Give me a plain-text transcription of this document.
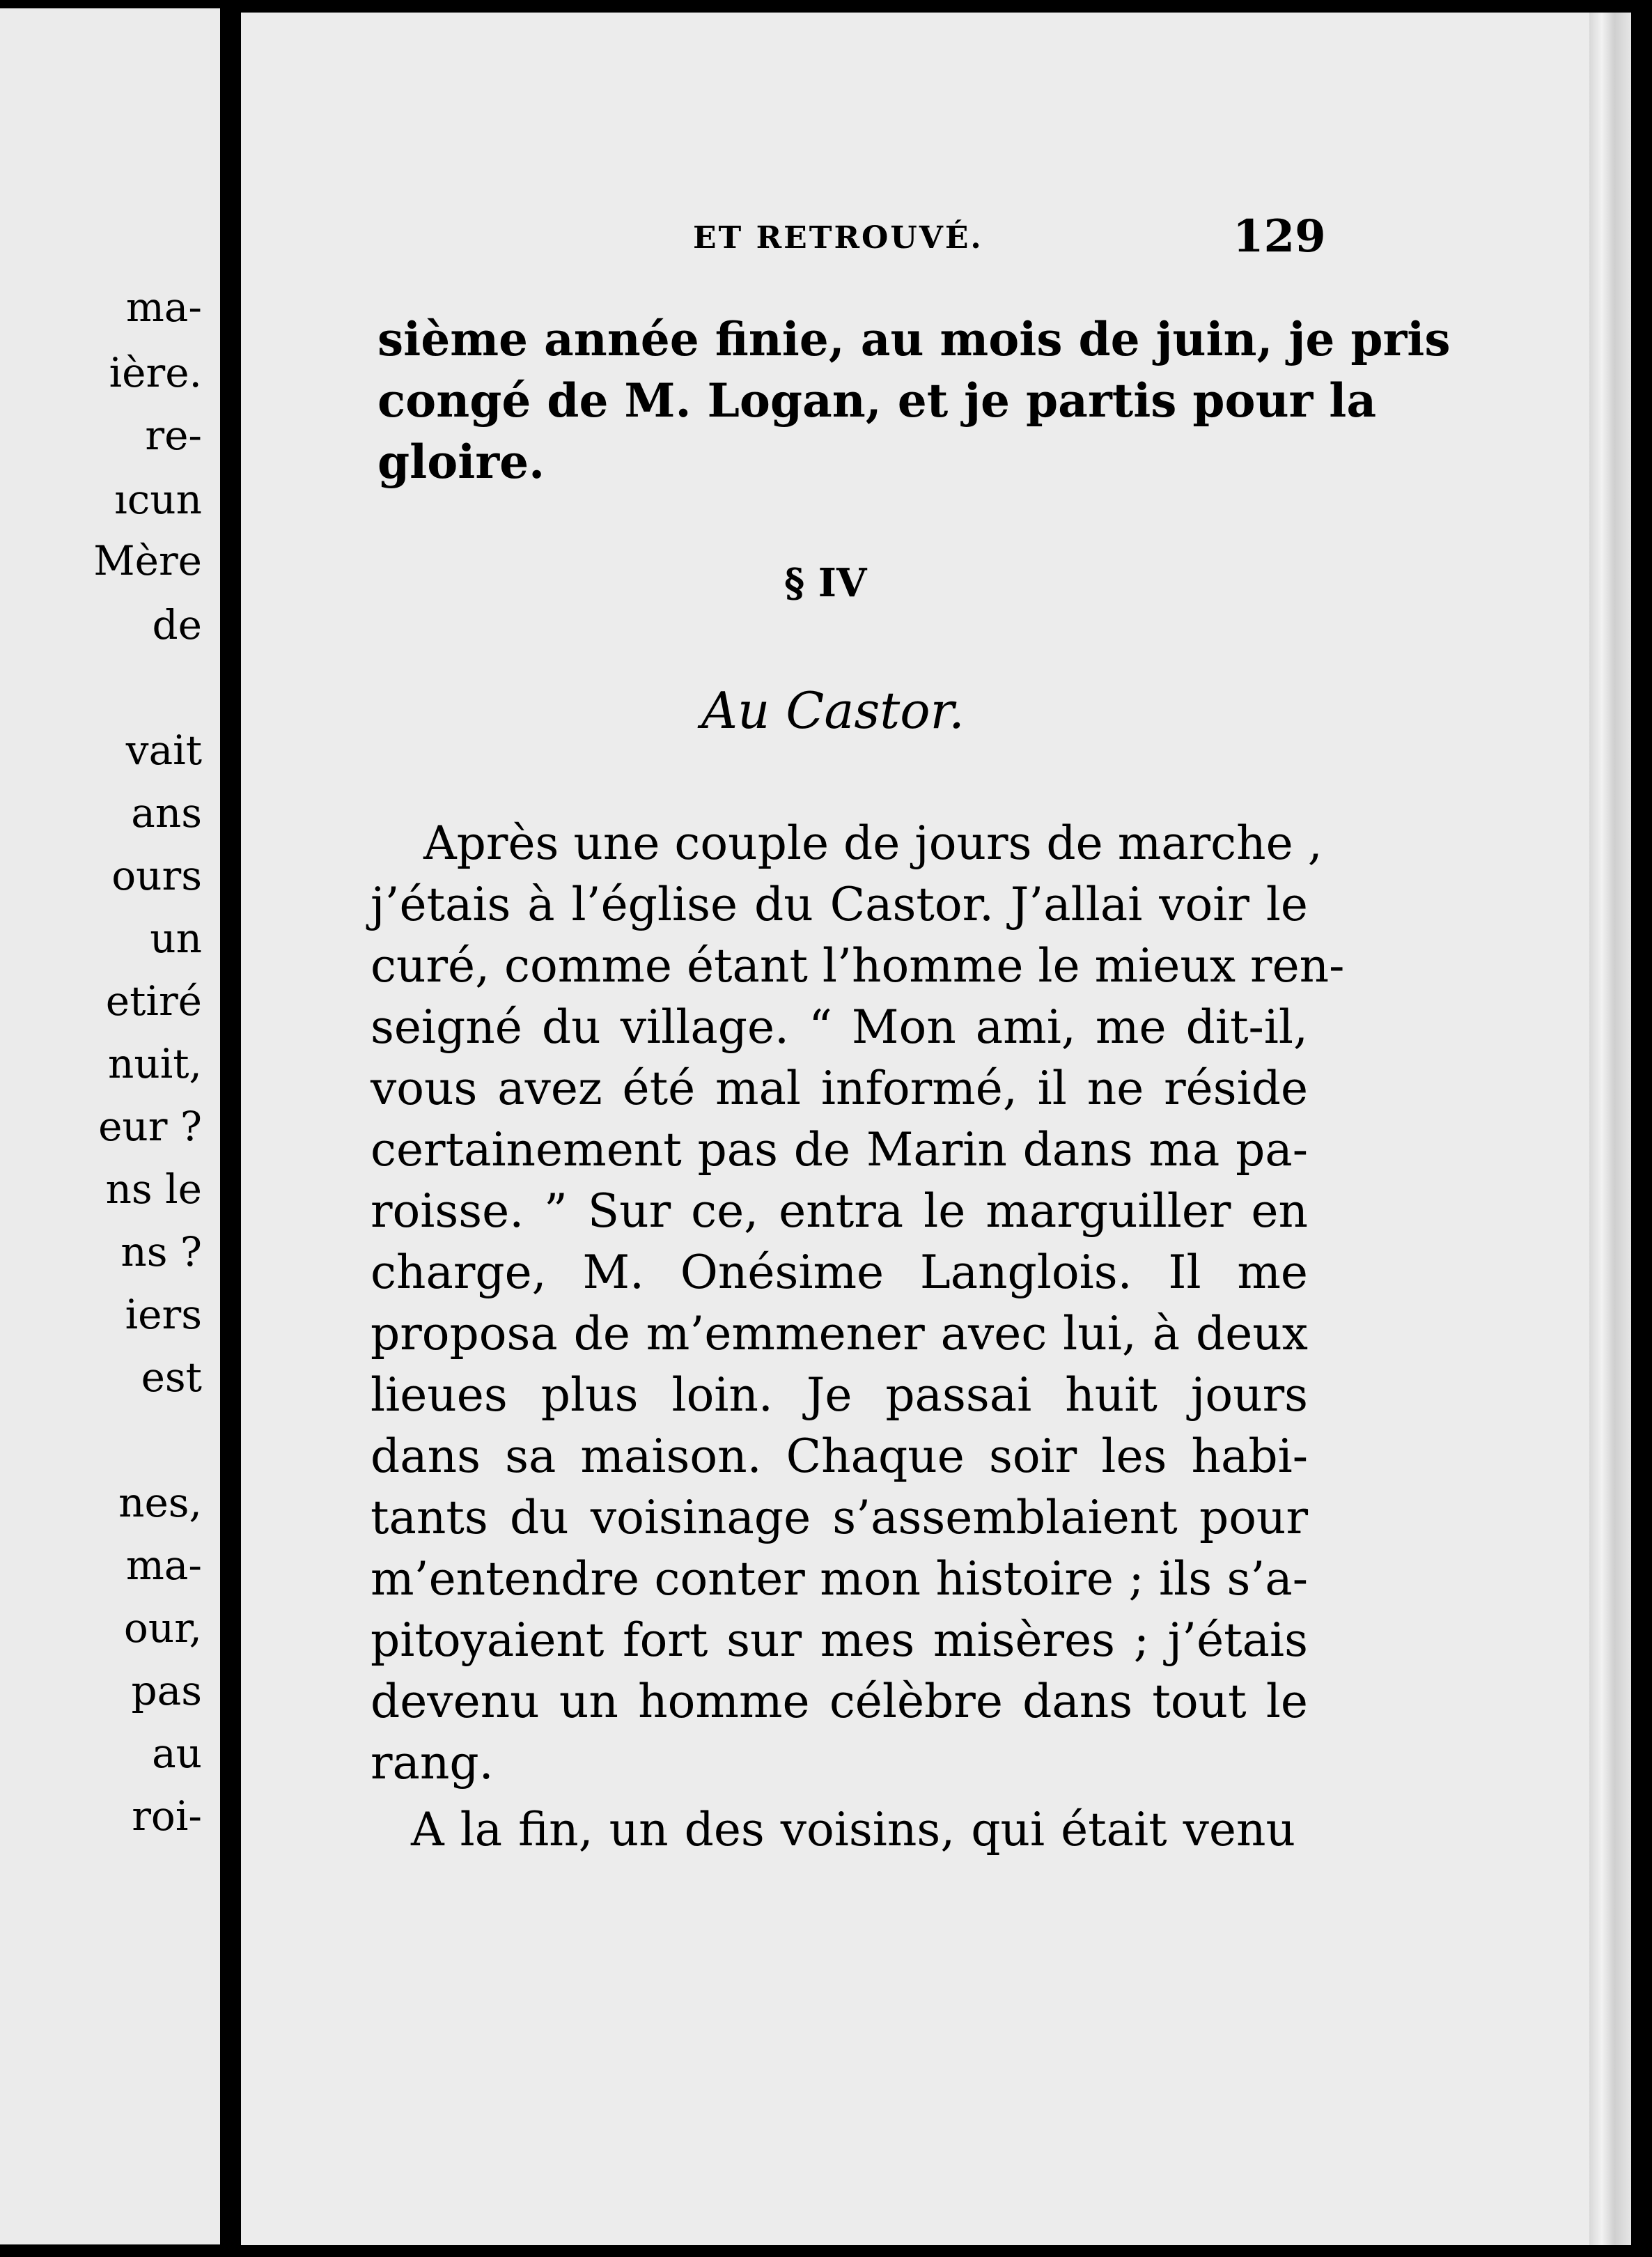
ma-
ière.
re-
ıcun
Mère
de
vait
ans
ours
un
etiré
nuit,
eur ?
ns le
ns ?
iers
est
nes,
ma-
our,
pas
au
roi-
ET RETROUVÉ.	129
sième année finie, au mois de juin, je pris
congé de M. Logan, et je partis pour la
gloire.
§ IV
Au Castor.
Après une couple de jours de marche ,
j’étais à l’église du Castor. J’allai voir le
curé, comme étant l’homme le mieux ren-
seigné du village. “ Mon ami, me dit-il,
vous avez été mal informé, il ne réside
certainement pas de Marin dans ma pa-
roisse. ” Sur ce, entra le marguiller en
charge, M. Onésime Langlois. Il me
proposa de m’emmener avec lui, à deux
lieues plus loin. Je passai huit jours
dans sa maison. Chaque soir les habi-
tants du voisinage s’assemblaient pour
m’entendre conter mon histoire ; ils s’a-
pitoyaient fort sur mes misères ; j’étais
devenu un homme célèbre dans tout le
rang.
A la fin, un des voisins, qui était venu
